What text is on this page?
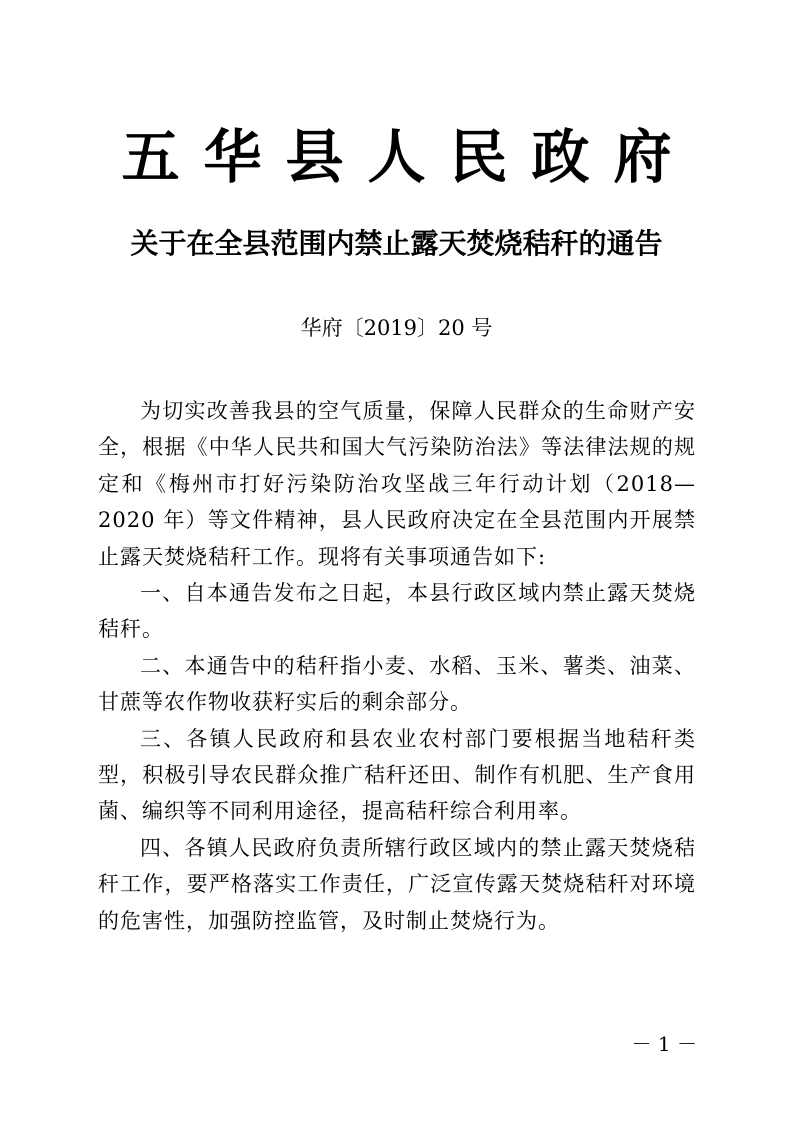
五华县人民政府
关于在全县范围内禁止露天焚烧秸秆的通告
华府〔2019〕20 号

为切实改善我县的空气质量，保障人民群众的生命财产安全，根据《中华人民共和国大气污染防治法》等法律法规的规定和《梅州市打好污染防治攻坚战三年行动计划（2018—2020 年）等文件精神，县人民政府决定在全县范围内开展禁止露天焚烧秸秆工作。现将有关事项通告如下:

一、自本通告发布之日起，本县行政区域内禁止露天焚烧秸秆。

二、本通告中的秸秆指小麦、水稻、玉米、薯类、油菜、甘蔗等农作物收获籽实后的剩余部分。

三、各镇人民政府和县农业农村部门要根据当地秸秆类型，积极引导农民群众推广秸秆还田、制作有机肥、生产食用菌、编织等不同利用途径，提高秸秆综合利用率。

四、各镇人民政府负责所辖行政区域内的禁止露天焚烧秸秆工作，要严格落实工作责任，广泛宣传露天焚烧秸秆对环境的危害性，加强防控监管，及时制止焚烧行为。

－ 1 －
